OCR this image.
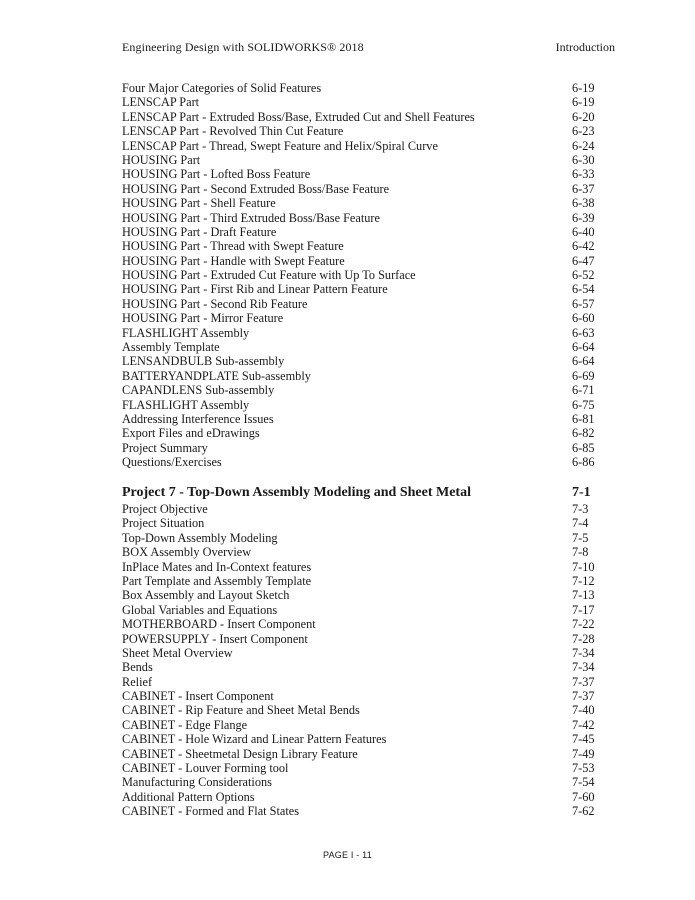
Engineering Design with SOLIDWORKS® 2018	Introduction
Four Major Categories of Solid Features	6-19
LENSCAP Part	6-19
LENSCAP Part - Extruded Boss/Base, Extruded Cut and Shell Features	6-20
LENSCAP Part - Revolved Thin Cut Feature	6-23
LENSCAP Part - Thread, Swept Feature and Helix/Spiral Curve	6-24
HOUSING Part	6-30
HOUSING Part - Lofted Boss Feature	6-33
HOUSING Part - Second Extruded Boss/Base Feature	6-37
HOUSING Part - Shell Feature	6-38
HOUSING Part - Third Extruded Boss/Base Feature	6-39
HOUSING Part - Draft Feature	6-40
HOUSING Part - Thread with Swept Feature	6-42
HOUSING Part - Handle with Swept Feature	6-47
HOUSING Part - Extruded Cut Feature with Up To Surface	6-52
HOUSING Part - First Rib and Linear Pattern Feature	6-54
HOUSING Part - Second Rib Feature	6-57
HOUSING Part - Mirror Feature	6-60
FLASHLIGHT Assembly	6-63
Assembly Template	6-64
LENSANDBULB Sub-assembly	6-64
BATTERYANDPLATE Sub-assembly	6-69
CAPANDLENS Sub-assembly	6-71
FLASHLIGHT Assembly	6-75
Addressing Interference Issues	6-81
Export Files and eDrawings	6-82
Project Summary	6-85
Questions/Exercises	6-86
Project 7 - Top-Down Assembly Modeling and Sheet Metal	7-1
Project Objective	7-3
Project Situation	7-4
Top-Down Assembly Modeling	7-5
BOX Assembly Overview	7-8
InPlace Mates and In-Context features	7-10
Part Template and Assembly Template	7-12
Box Assembly and Layout Sketch	7-13
Global Variables and Equations	7-17
MOTHERBOARD - Insert Component	7-22
POWERSUPPLY - Insert Component	7-28
Sheet Metal Overview	7-34
Bends	7-34
Relief	7-37
CABINET - Insert Component	7-37
CABINET - Rip Feature and Sheet Metal Bends	7-40
CABINET - Edge Flange	7-42
CABINET - Hole Wizard and Linear Pattern Features	7-45
CABINET - Sheetmetal Design Library Feature	7-49
CABINET - Louver Forming tool	7-53
Manufacturing Considerations	7-54
Additional Pattern Options	7-60
CABINET - Formed and Flat States	7-62
PAGE I - 11
